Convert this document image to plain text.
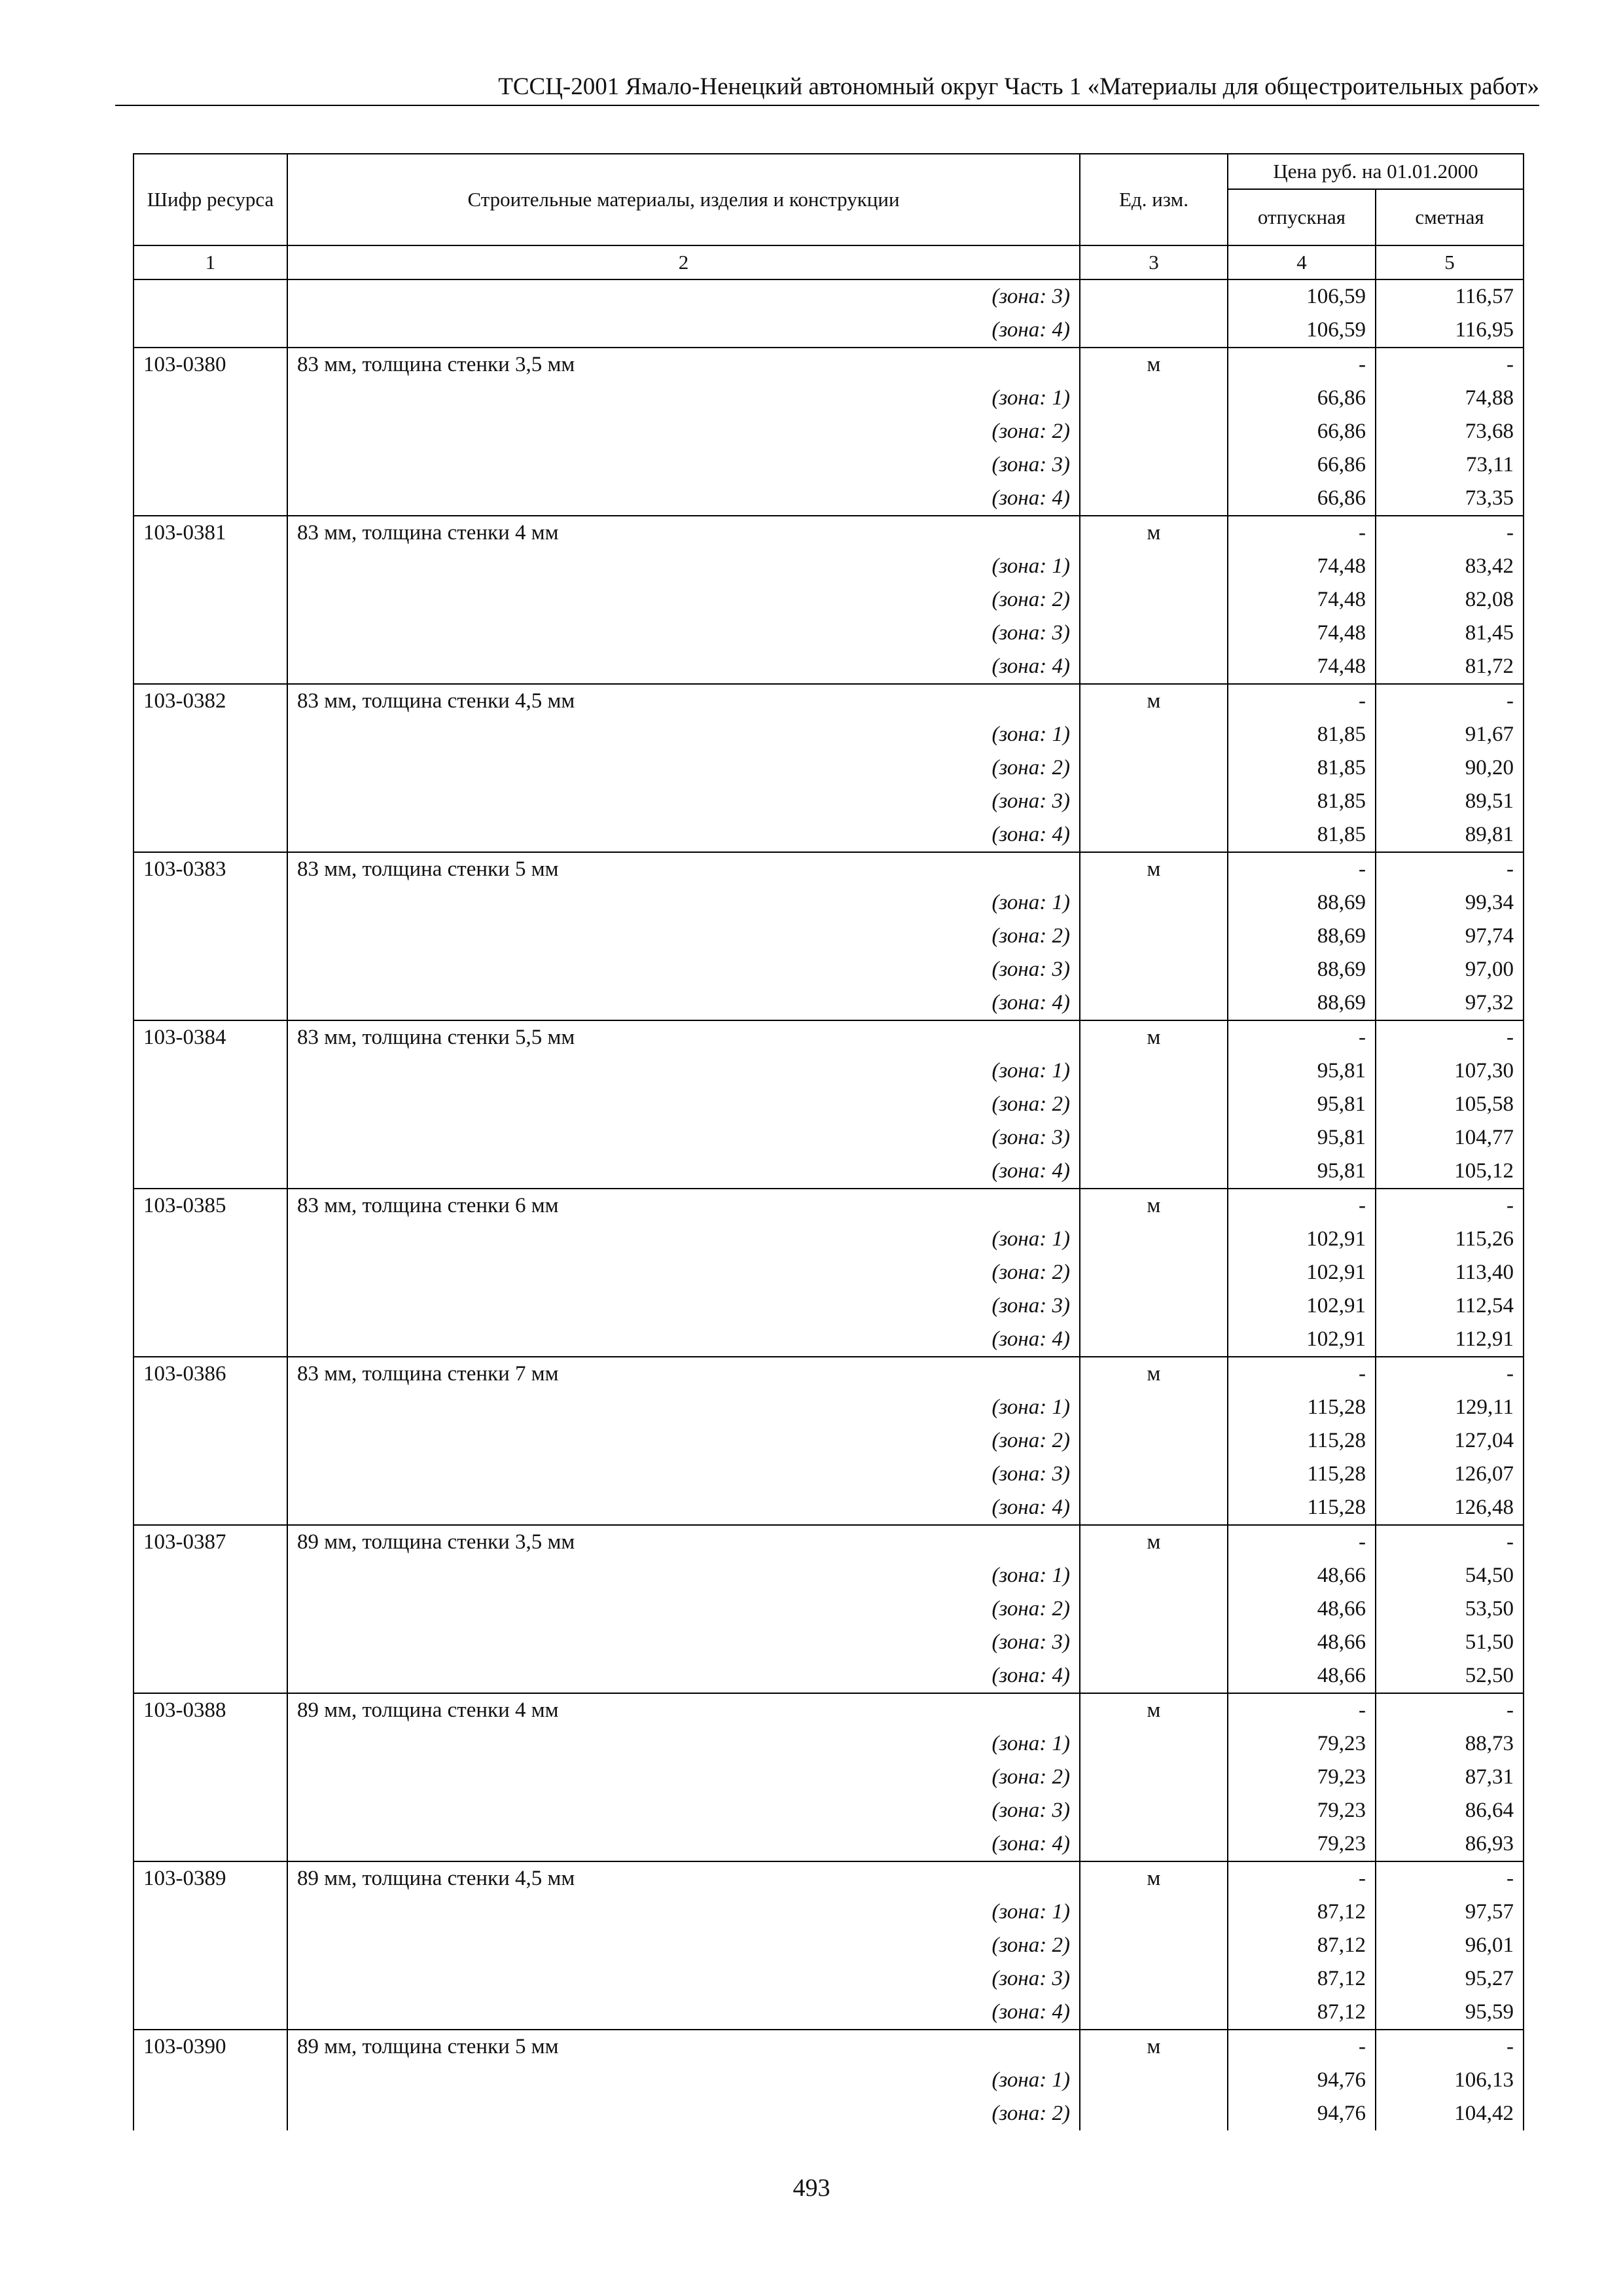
ТССЦ-2001 Ямало-Ненецкий автономный округ Часть 1 «Материалы для общестроительных работ»
Шифр ресурса	Строительные материалы, изделия и конструкции	Ед. изм.	Цена руб. на 01.01.2000	
			отпускная	сметная
1	2	3	4	5
	(зона: 3)		106,59	116,57
	(зона: 4)		106,59	116,95
103-0380	83 мм, толщина стенки 3,5 мм	м	-	-
	(зона: 1)		66,86	74,88
	(зона: 2)		66,86	73,68
	(зона: 3)		66,86	73,11
	(зона: 4)		66,86	73,35
103-0381	83 мм, толщина стенки 4 мм	м	-	-
	(зона: 1)		74,48	83,42
	(зона: 2)		74,48	82,08
	(зона: 3)		74,48	81,45
	(зона: 4)		74,48	81,72
103-0382	83 мм, толщина стенки 4,5 мм	м	-	-
	(зона: 1)		81,85	91,67
	(зона: 2)		81,85	90,20
	(зона: 3)		81,85	89,51
	(зона: 4)		81,85	89,81
103-0383	83 мм, толщина стенки 5 мм	м	-	-
	(зона: 1)		88,69	99,34
	(зона: 2)		88,69	97,74
	(зона: 3)		88,69	97,00
	(зона: 4)		88,69	97,32
103-0384	83 мм, толщина стенки 5,5 мм	м	-	-
	(зона: 1)		95,81	107,30
	(зона: 2)		95,81	105,58
	(зона: 3)		95,81	104,77
	(зона: 4)		95,81	105,12
103-0385	83 мм, толщина стенки 6 мм	м	-	-
	(зона: 1)		102,91	115,26
	(зона: 2)		102,91	113,40
	(зона: 3)		102,91	112,54
	(зона: 4)		102,91	112,91
103-0386	83 мм, толщина стенки 7 мм	м	-	-
	(зона: 1)		115,28	129,11
	(зона: 2)		115,28	127,04
	(зона: 3)		115,28	126,07
	(зона: 4)		115,28	126,48
103-0387	89 мм, толщина стенки 3,5 мм	м	-	-
	(зона: 1)		48,66	54,50
	(зона: 2)		48,66	53,50
	(зона: 3)		48,66	51,50
	(зона: 4)		48,66	52,50
103-0388	89 мм, толщина стенки 4 мм	м	-	-
	(зона: 1)		79,23	88,73
	(зона: 2)		79,23	87,31
	(зона: 3)		79,23	86,64
	(зона: 4)		79,23	86,93
103-0389	89 мм, толщина стенки 4,5 мм	м	-	-
	(зона: 1)		87,12	97,57
	(зона: 2)		87,12	96,01
	(зона: 3)		87,12	95,27
	(зона: 4)		87,12	95,59
103-0390	89 мм, толщина стенки 5 мм	м	-	-
	(зона: 1)		94,76	106,13
	(зона: 2)		94,76	104,42
493
